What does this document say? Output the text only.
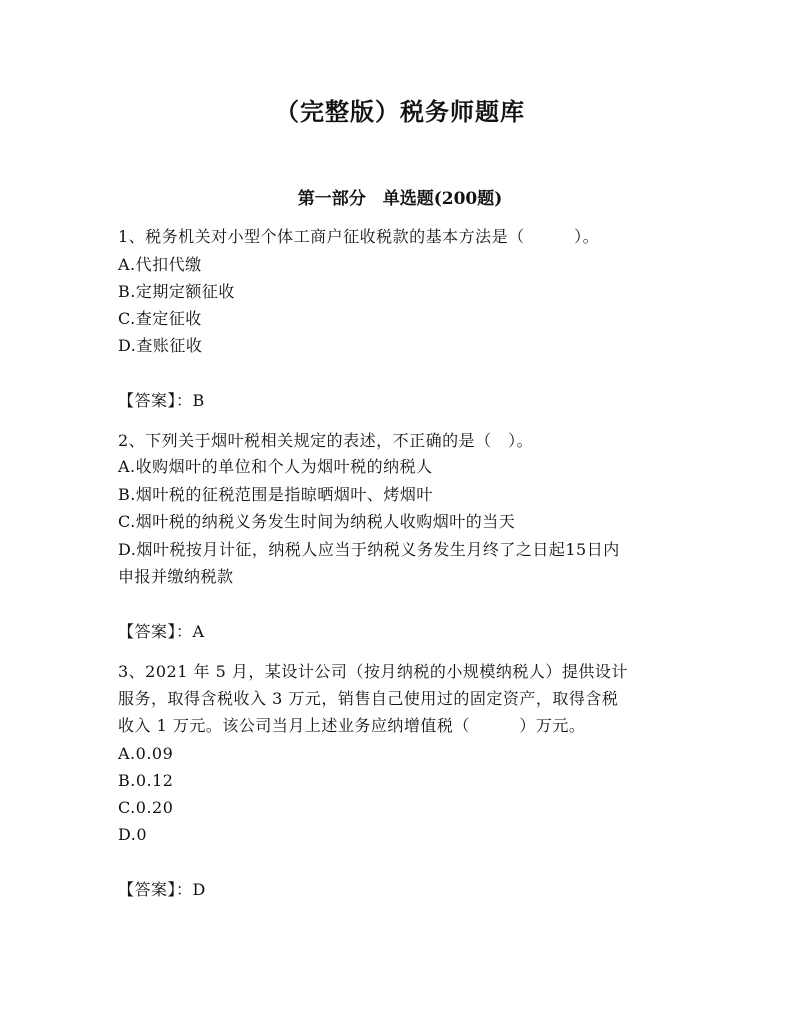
（完整版）税务师题库
第一部分　单选题(200题)
1、税务机关对小型个体工商户征收税款的基本方法是（　　　）。
A.代扣代缴
B.定期定额征收
C.查定征收
D.查账征收
【答案】：B
2、下列关于烟叶税相关规定的表述，不正确的是（　）。
A.收购烟叶的单位和个人为烟叶税的纳税人
B.烟叶税的征税范围是指晾晒烟叶、烤烟叶
C.烟叶税的纳税义务发生时间为纳税人收购烟叶的当天
D.烟叶税按月计征，纳税人应当于纳税义务发生月终了之日起15日内
申报并缴纳税款
【答案】：A
3、2021 年 5 月，某设计公司（按月纳税的小规模纳税人）提供设计
服务，取得含税收入 3 万元，销售自己使用过的固定资产，取得含税
收入 1 万元。该公司当月上述业务应纳增值税（　　　）万元。
A.0.09
B.0.12
C.0.20
D.0
【答案】：D
